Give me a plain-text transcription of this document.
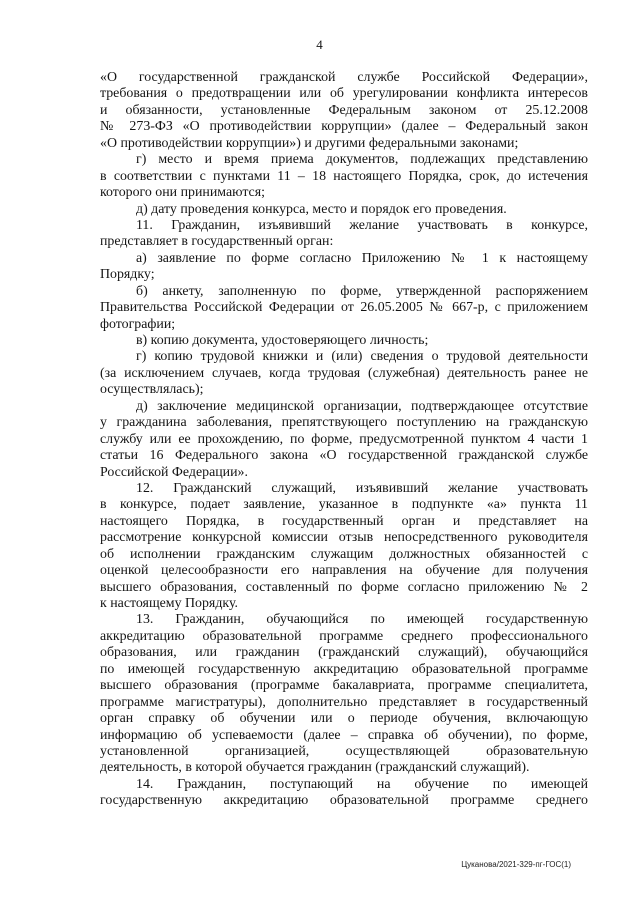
4
«О государственной гражданской службе Российской Федерации»,
требования о предотвращении или об урегулировании конфликта интересов
и обязанности, установленные Федеральным законом от 25.12.2008
№ 273-ФЗ «О противодействии коррупции» (далее – Федеральный закон
«О противодействии коррупции») и другими федеральными законами;
г) место и время приема документов, подлежащих представлению
в соответствии с пунктами 11 – 18 настоящего Порядка, срок, до истечения
которого они принимаются;
д) дату проведения конкурса, место и порядок его проведения.
11. Гражданин, изъявивший желание участвовать в конкурсе,
представляет в государственный орган:
а) заявление по форме согласно Приложению № 1 к настоящему
Порядку;
б) анкету, заполненную по форме, утвержденной распоряжением
Правительства Российской Федерации от 26.05.2005 № 667-р, с приложением
фотографии;
в) копию документа, удостоверяющего личность;
г) копию трудовой книжки и (или) сведения о трудовой деятельности
(за исключением случаев, когда трудовая (служебная) деятельность ранее не
осуществлялась);
д) заключение медицинской организации, подтверждающее отсутствие
у гражданина заболевания, препятствующего поступлению на гражданскую
службу или ее прохождению, по форме, предусмотренной пунктом 4 части 1
статьи 16 Федерального закона «О государственной гражданской службе
Российской Федерации».
12. Гражданский служащий, изъявивший желание участвовать
в конкурсе, подает заявление, указанное в подпункте «а» пункта 11
настоящего Порядка, в государственный орган и представляет на
рассмотрение конкурсной комиссии отзыв непосредственного руководителя
об исполнении гражданским служащим должностных обязанностей с
оценкой целесообразности его направления на обучение для получения
высшего образования, составленный по форме согласно приложению № 2
к настоящему Порядку.
13. Гражданин, обучающийся по имеющей государственную
аккредитацию образовательной программе среднего профессионального
образования, или гражданин (гражданский служащий), обучающийся
по имеющей государственную аккредитацию образовательной программе
высшего образования (программе бакалавриата, программе специалитета,
программе магистратуры), дополнительно представляет в государственный
орган справку об обучении или о периоде обучения, включающую
информацию об успеваемости (далее – справка об обучении), по форме,
установленной организацией, осуществляющей образовательную
деятельность, в которой обучается гражданин (гражданский служащий).
14. Гражданин, поступающий на обучение по имеющей
государственную аккредитацию образовательной программе среднего
Цуканова/2021-329-пг-ГОС(1)
